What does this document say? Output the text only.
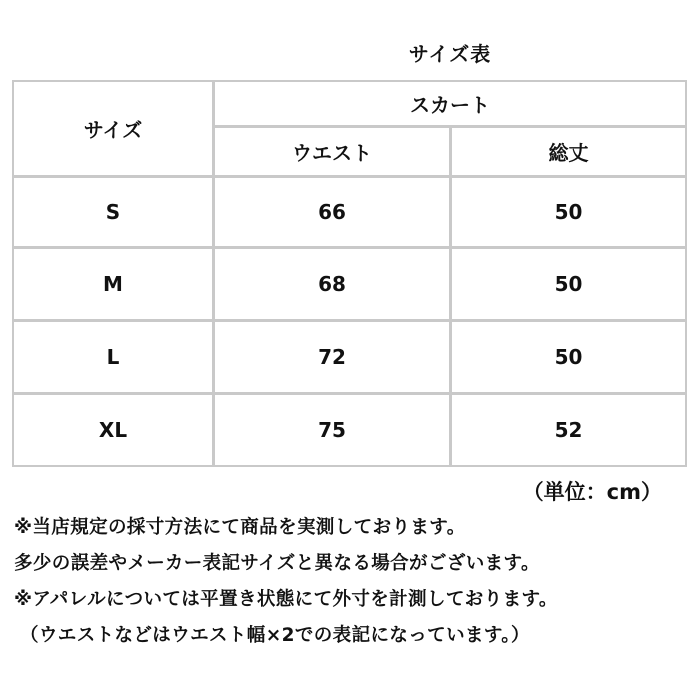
サイズ表
サイズ
スカート
ウエスト	総丈
S	66	50
M	68	50
L	72	50
XL	75	52
（単位：cm）
※当店規定の採寸方法にて商品を実測しております。
多少の誤差やメーカー表記サイズと異なる場合がございます。
※アパレルについては平置き状態にて外寸を計測しております。
（ウエストなどはウエスト幅×2での表記になっています。）
